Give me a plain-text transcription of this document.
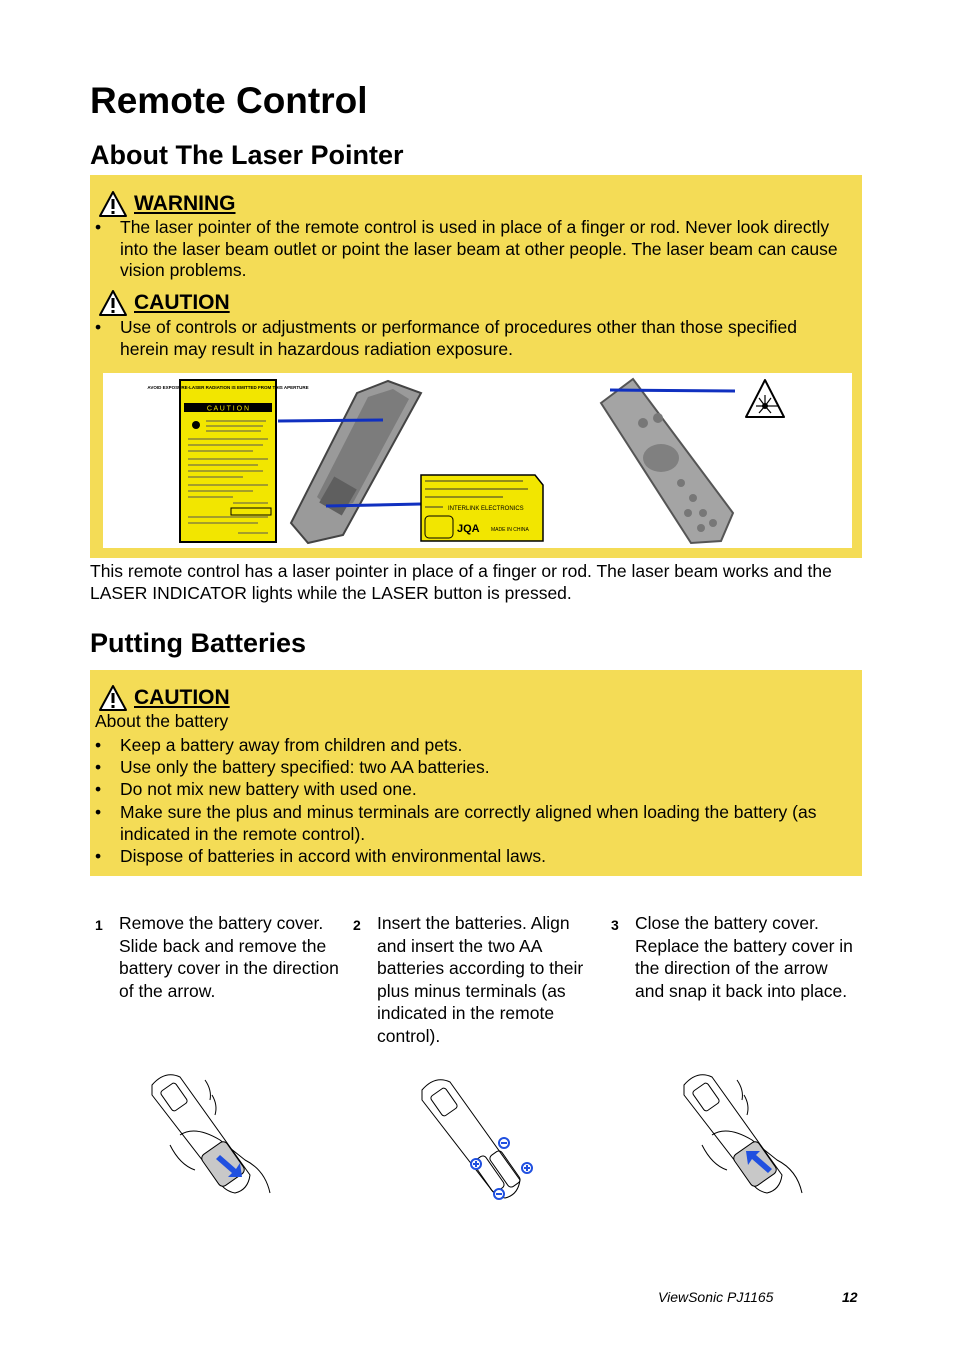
Remote Control
About The Laser Pointer
WARNING
•	The laser pointer of the remote control is used in place of a finger or rod. Never look directly into the laser beam outlet or point the laser beam at other people. The laser beam can cause vision problems.
CAUTION
•	Use of controls or adjustments or performance of procedures other than those specified herein may result in hazardous radiation exposure.
AVOID EXPOSURE-LASER RADIATION IS EMITTED FROM THIS APERTURE
C A U T I O N
INTERLINK ELECTRONICS
JQA MADE IN CHINA
This remote control has a laser pointer in place of a finger or rod. The laser beam works and the LASER INDICATOR lights while the LASER button is pressed.
Putting Batteries
CAUTION
About the battery
•	Keep a battery away from children and pets.
•	Use only the battery specified: two AA batteries.
•	Do not mix new battery with used one.
•	Make sure the plus and minus terminals are correctly aligned when loading the battery (as indicated in the remote control).
•	Dispose of batteries in accord with environmental laws.
1 Remove the battery cover. Slide back and remove the battery cover in the direction of the arrow.
2 Insert the batteries. Align and insert the two AA batteries according to their plus minus terminals (as indicated in the remote control).
3 Close the battery cover. Replace the battery cover in the direction of the arrow and snap it back into place.
ViewSonic PJ1165	12
